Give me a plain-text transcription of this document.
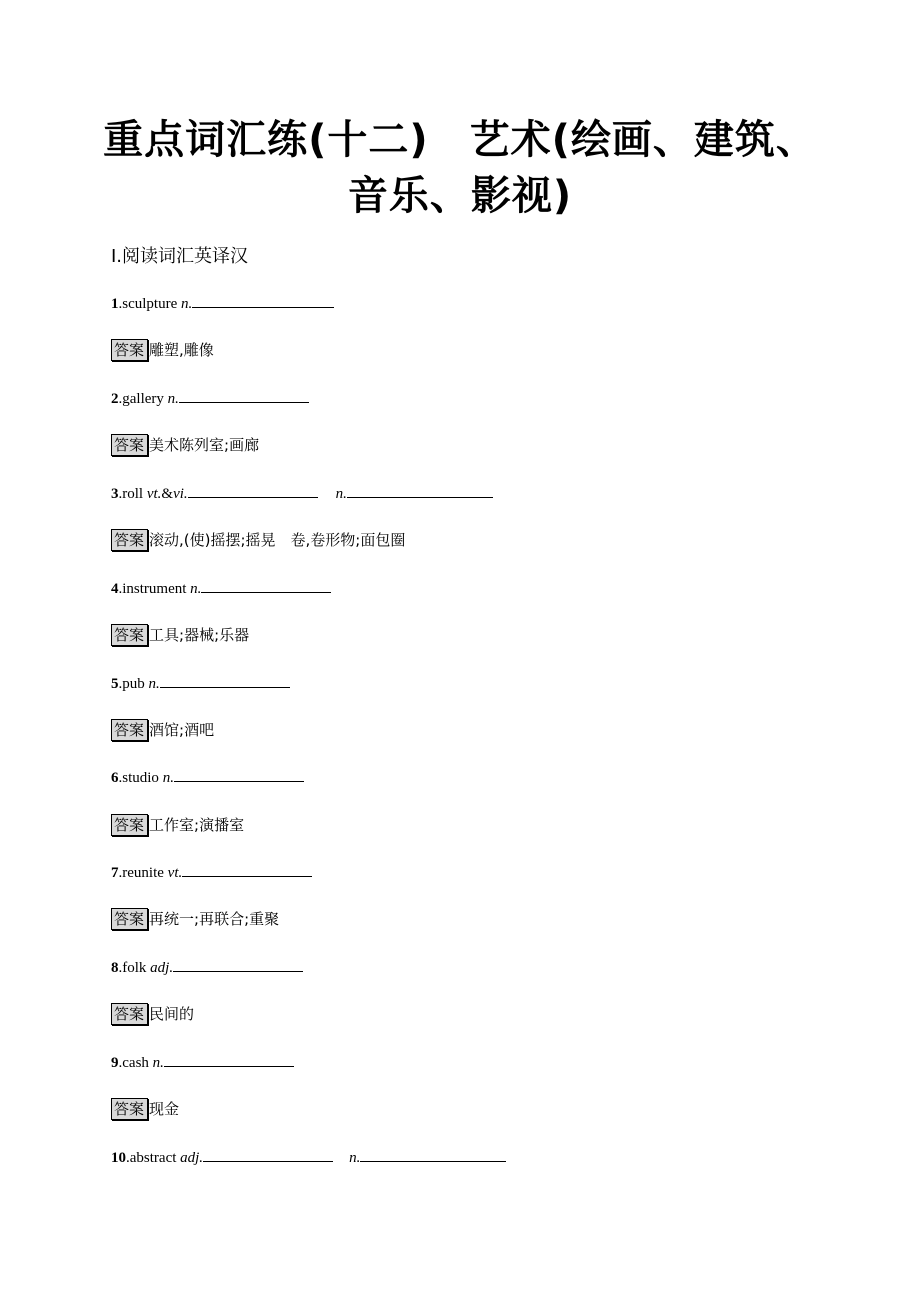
重点词汇练(十二)　艺术(绘画、建筑、音乐、影视)
Ⅰ.阅读词汇英译汉
1.sculpture n.
答案 雕塑,雕像
2.gallery n.
答案 美术陈列室;画廊
3.roll vt.&vi.	n.
答案 滚动,(使)摇摆;摇晃　卷,卷形物;面包圈
4.instrument n.
答案 工具;器械;乐器
5.pub n.
答案 酒馆;酒吧
6.studio n.
答案 工作室;演播室
7.reunite vt.
答案 再统一;再联合;重聚
8.folk adj.
答案 民间的
9.cash n.
答案 现金
10.abstract adj.	n.
